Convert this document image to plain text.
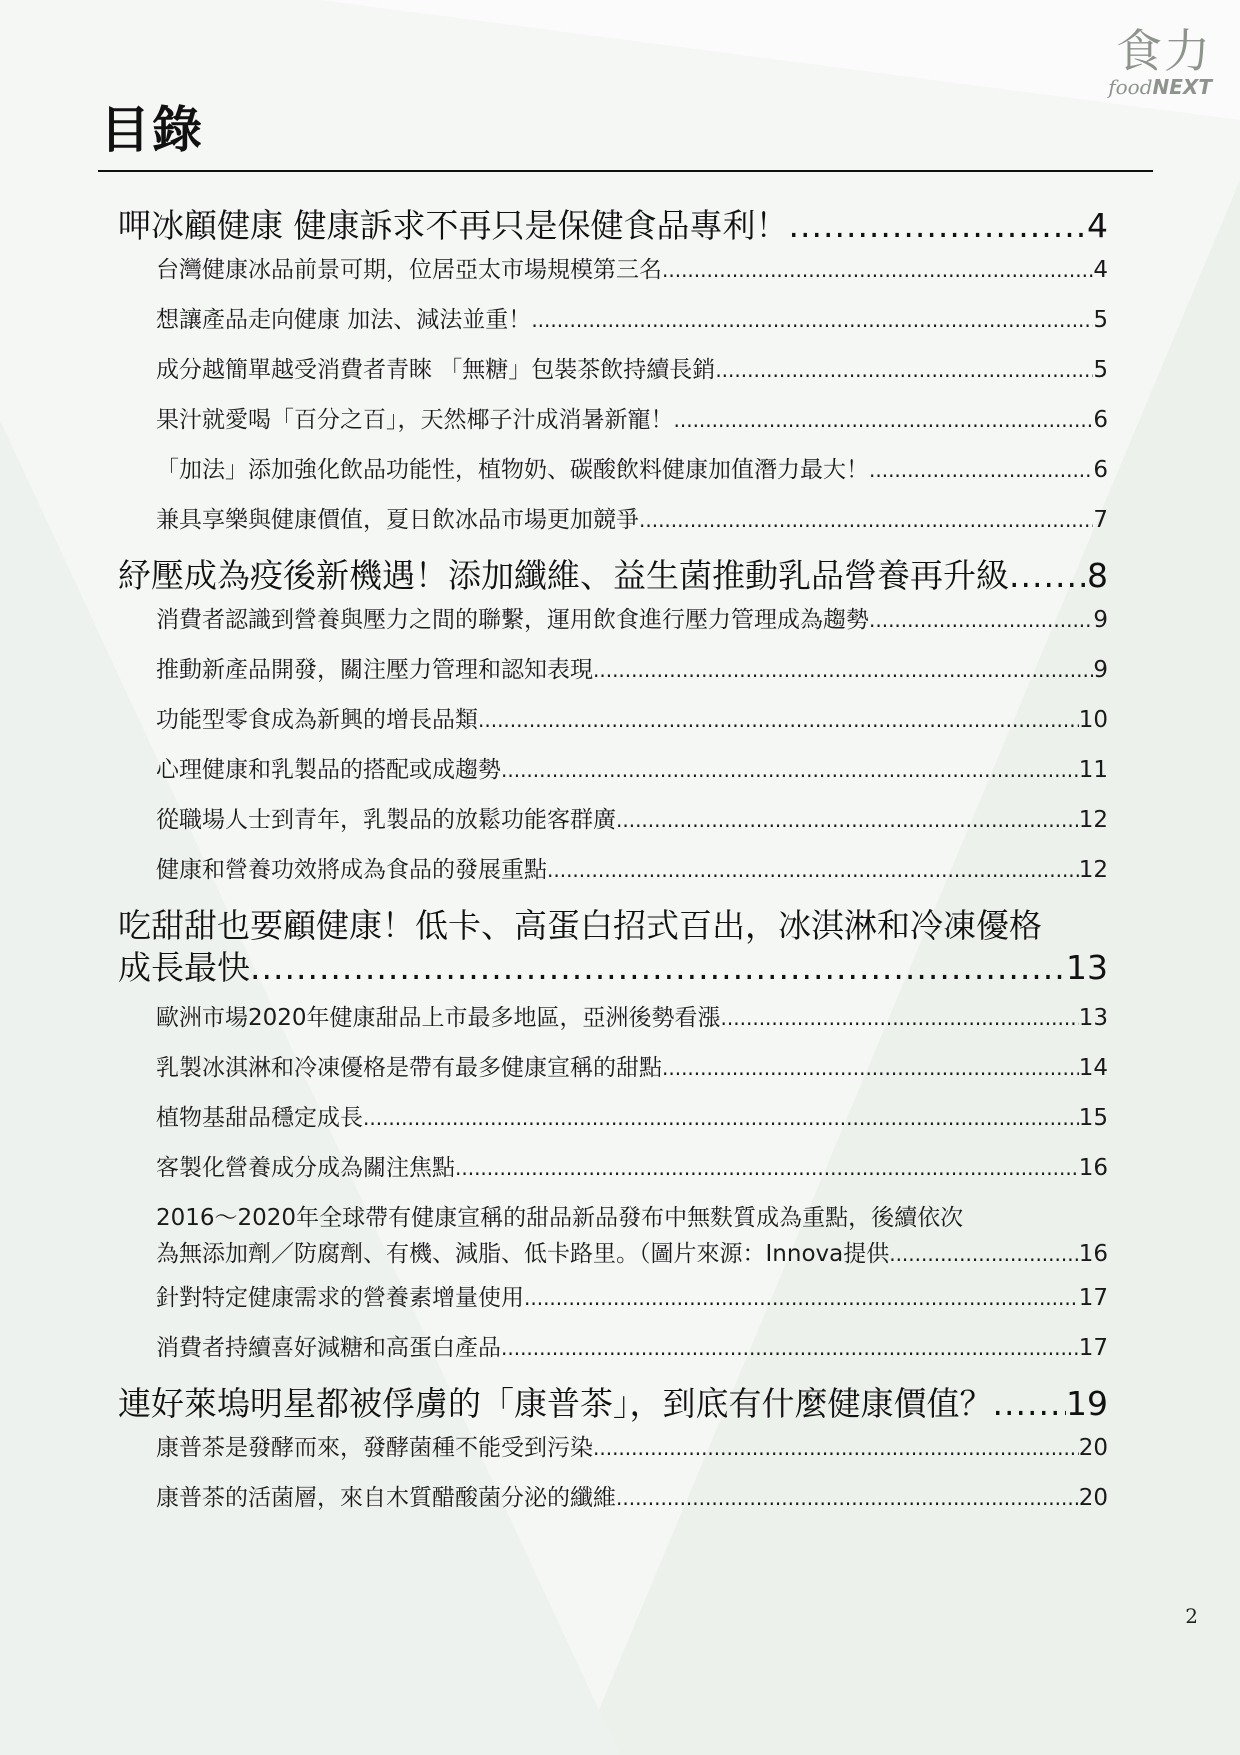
食力
foodNEXT
目錄
呷冰顧健康 健康訴求不再只是保健食品專利！ .....	4
台灣健康冰品前景可期，位居亞太市場規模第三名 .....	4
想讓產品走向健康 加法、減法並重！ .....	5
成分越簡單越受消費者青睞 「無糖」包裝茶飲持續長銷 .....	5
果汁就愛喝「百分之百」，天然椰子汁成消暑新寵！ .....	6
「加法」添加強化飲品功能性，植物奶、碳酸飲料健康加值潛力最大！ .....	6
兼具享樂與健康價值，夏日飲冰品市場更加競爭 .....	7
紓壓成為疫後新機遇！添加纖維、益生菌推動乳品營養再升級 ..... 8
消費者認識到營養與壓力之間的聯繫，運用飲食進行壓力管理成為趨勢 .....	9
推動新產品開發，關注壓力管理和認知表現 .....	9
功能型零食成為新興的增長品類 .....	10
心理健康和乳製品的搭配或成趨勢 .....	11
從職場人士到青年，乳製品的放鬆功能客群廣 .....	12
健康和營養功效將成為食品的發展重點 .....	12
吃甜甜也要顧健康！低卡、高蛋白招式百出，冰淇淋和冷凍優格
成長最快 .....	13
歐洲市場2020年健康甜品上市最多地區，亞洲後勢看漲 .....	13
乳製冰淇淋和冷凍優格是帶有最多健康宣稱的甜點 .....	14
植物基甜品穩定成長 .....	15
客製化營養成分成為關注焦點 .....	16
2016～2020年全球帶有健康宣稱的甜品新品發布中無麩質成為重點，後續依次
為無添加劑／防腐劑、有機、減脂、低卡路里。（圖片來源：Innova提供 .....	16
針對特定健康需求的營養素增量使用 .....	17
消費者持續喜好減糖和高蛋白產品 .....	17
連好萊塢明星都被俘虜的「康普茶」，到底有什麼健康價值？ ..... 19
康普茶是發酵而來，發酵菌種不能受到污染 .....	20
康普茶的活菌層，來自木質醋酸菌分泌的纖維 .....	20
2
